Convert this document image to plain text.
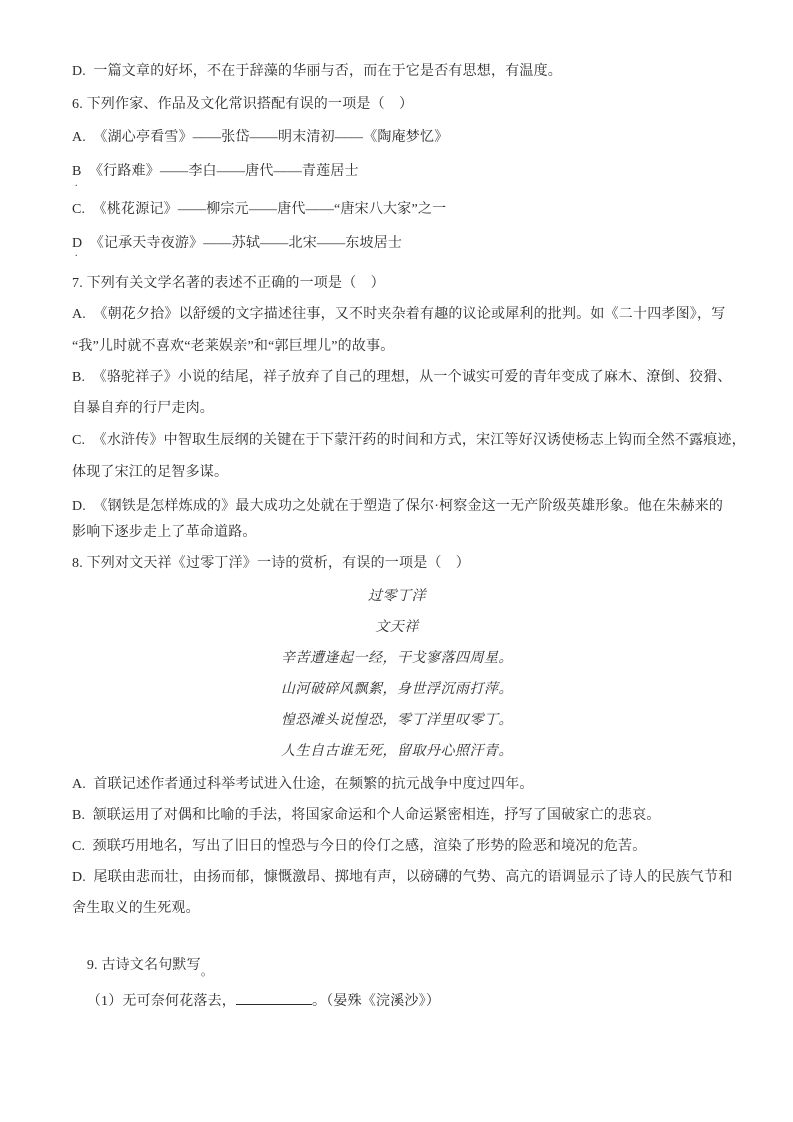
D.  一篇文章的好坏，不在于辞藻的华丽与否，而在于它是否有思想，有温度。
6. 下列作家、作品及文化常识搭配有误的一项是（　）
A.  《湖心亭看雪》——张岱——明末清初——《陶庵梦忆》
B  《行路难》——李白——唐代——青莲居士
.
C.  《桃花源记》——柳宗元——唐代——“唐宋八大家”之一
D  《记承天寺夜游》——苏轼——北宋——东坡居士
.
7. 下列有关文学名著的表述不正确的一项是（　）
A.  《朝花夕拾》以舒缓的文字描述往事，又不时夹杂着有趣的议论或犀利的批判。如《二十四孝图》，写
“我”儿时就不喜欢“老莱娱亲”和“郭巨埋儿”的故事。
B.  《骆驼祥子》小说的结尾，祥子放弃了自己的理想，从一个诚实可爱的青年变成了麻木、潦倒、狡猾、
自暴自弃的行尸走肉。
C.  《水浒传》中智取生辰纲的关键在于下蒙汗药的时间和方式，宋江等好汉诱使杨志上钩而全然不露痕迹，
体现了宋江的足智多谋。
D.  《钢铁是怎样炼成的》最大成功之处就在于塑造了保尔·柯察金这一无产阶级英雄形象。他在朱赫来的
影响下逐步走上了革命道路。
8. 下列对文天祥《过零丁洋》一诗的赏析，有误的一项是（　）
过零丁洋
文天祥
辛苦遭逢起一经，干戈寥落四周星。
山河破碎风飘絮，身世浮沉雨打萍。
惶恐滩头说惶恐，零丁洋里叹零丁。
人生自古谁无死，留取丹心照汗青。
A.  首联记述作者通过科举考试进入仕途，在频繁的抗元战争中度过四年。
B.  颔联运用了对偶和比喻的手法，将国家命运和个人命运紧密相连，抒写了国破家亡的悲哀。
C.  颈联巧用地名，写出了旧日的惶恐与今日的伶仃之感，渲染了形势的险恶和境况的危苦。
D.  尾联由悲而壮，由扬而郁，慷慨激昂、掷地有声，以磅礴的气势、高亢的语调显示了诗人的民族气节和
舍生取义的生死观。

9. 古诗文名句默写。

（1）无可奈何花落去，	。（晏殊《浣溪沙》）
